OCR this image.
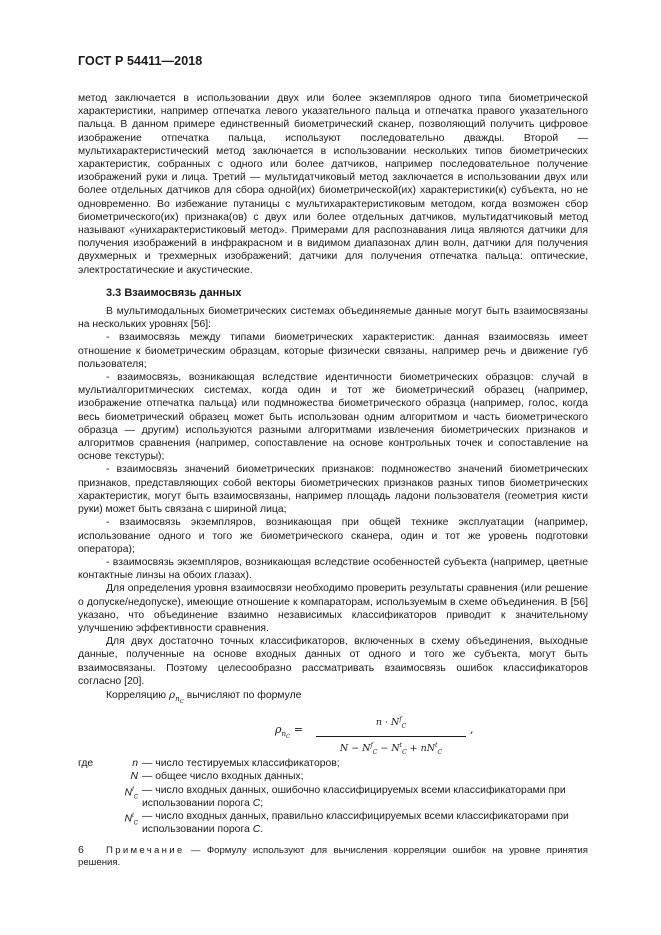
ГОСТ Р 54411—2018

метод заключается в использовании двух или более экземпляров одного типа биометрической характеристики, например отпечатка левого указательного пальца и отпечатка правого указательного пальца. В данном примере единственный биометрический сканер, позволяющий получить цифровое изображение отпечатка пальца, используют последовательно дважды. Второй — мультихарактеристический метод заключается в использовании нескольких типов биометрических характеристик, собранных с одного или более датчиков, например последовательное получение изображений руки и лица. Третий — мультидатчиковый метод заключается в использовании двух или более отдельных датчиков для сбора одной(их) биометрической(их) характеристики(к) субъекта, но не одновременно. Во избежание путаницы с мультихарактеристиковым методом, когда возможен сбор биометрического(их) признака(ов) с двух или более отдельных датчиков, мультидатчиковый метод называют «унихарактеристиковый метод». Примерами для распознавания лица являются датчики для получения изображений в инфракрасном и в видимом диапазонах длин волн, датчики для получения двухмерных и трехмерных изображений; датчики для получения отпечатка пальца: оптические, электростатические и акустические.

3.3 Взаимосвязь данных

В мультимодальных биометрических системах объединяемые данные могут быть взаимосвязаны на нескольких уровнях [56]:

- взаимосвязь между типами биометрических характеристик: данная взаимосвязь имеет отношение к биометрическим образцам, которые физически связаны, например речь и движение губ пользователя;

- взаимосвязь, возникающая вследствие идентичности биометрических образцов: случай в мультиалгоритмических системах, когда один и тот же биометрический образец (например, изображение отпечатка пальца) или подмножества биометрического образца (например, голос, когда весь биометрический образец может быть использован одним алгоритмом и часть биометрического образца — другим) используются разными алгоритмами извлечения биометрических признаков и алгоритмов сравнения (например, сопоставление на основе контрольных точек и сопоставление на основе текстуры);

- взаимосвязь значений биометрических признаков: подмножество значений биометрических признаков, представляющих собой векторы биометрических признаков разных типов биометрических характеристик, могут быть взаимосвязаны, например площадь ладони пользователя (геометрия кисти руки) может быть связана с шириной лица;

- взаимосвязь экземпляров, возникающая при общей технике эксплуатации (например, использование одного и того же биометрического сканера, один и тот же уровень подготовки оператора);

- взаимосвязь экземпляров, возникающая вследствие особенностей субъекта (например, цветные контактные линзы на обоих глазах).

Для определения уровня взаимосвязи необходимо проверить результаты сравнения (или решение о допуске/недопуске), имеющие отношение к компараторам, используемым в схеме объединения. В [56] указано, что объединение взаимно независимых классификаторов приводит к значительному улучшению эффективности сравнения.

Для двух достаточно точных классификаторов, включенных в схему объединения, выходные данные, полученные на основе входных данных от одного и того же субъекта, могут быть взаимосвязаны. Поэтому целесообразно рассматривать взаимосвязь ошибок классификаторов согласно [20].

Корреляцию $\rho_{n_C}$ вычисляют по формуле

$\rho_{n_C}$ =
$n \cdot N^f_C$
$N - N^f_C - N^t_C + nN^t_C$
,
где	n — число тестируемых классификаторов;
N — общее число входных данных;
$N^f_C$
— число входных данных, ошибочно классифицируемых всеми классификаторами при использовании порога C;
$N^t_C$
— число входных данных, правильно классифицируемых всеми классификаторами при использовании порога C.

Примечание — Формулу используют для вычисления корреляции ошибок на уровне принятия решения.

6
